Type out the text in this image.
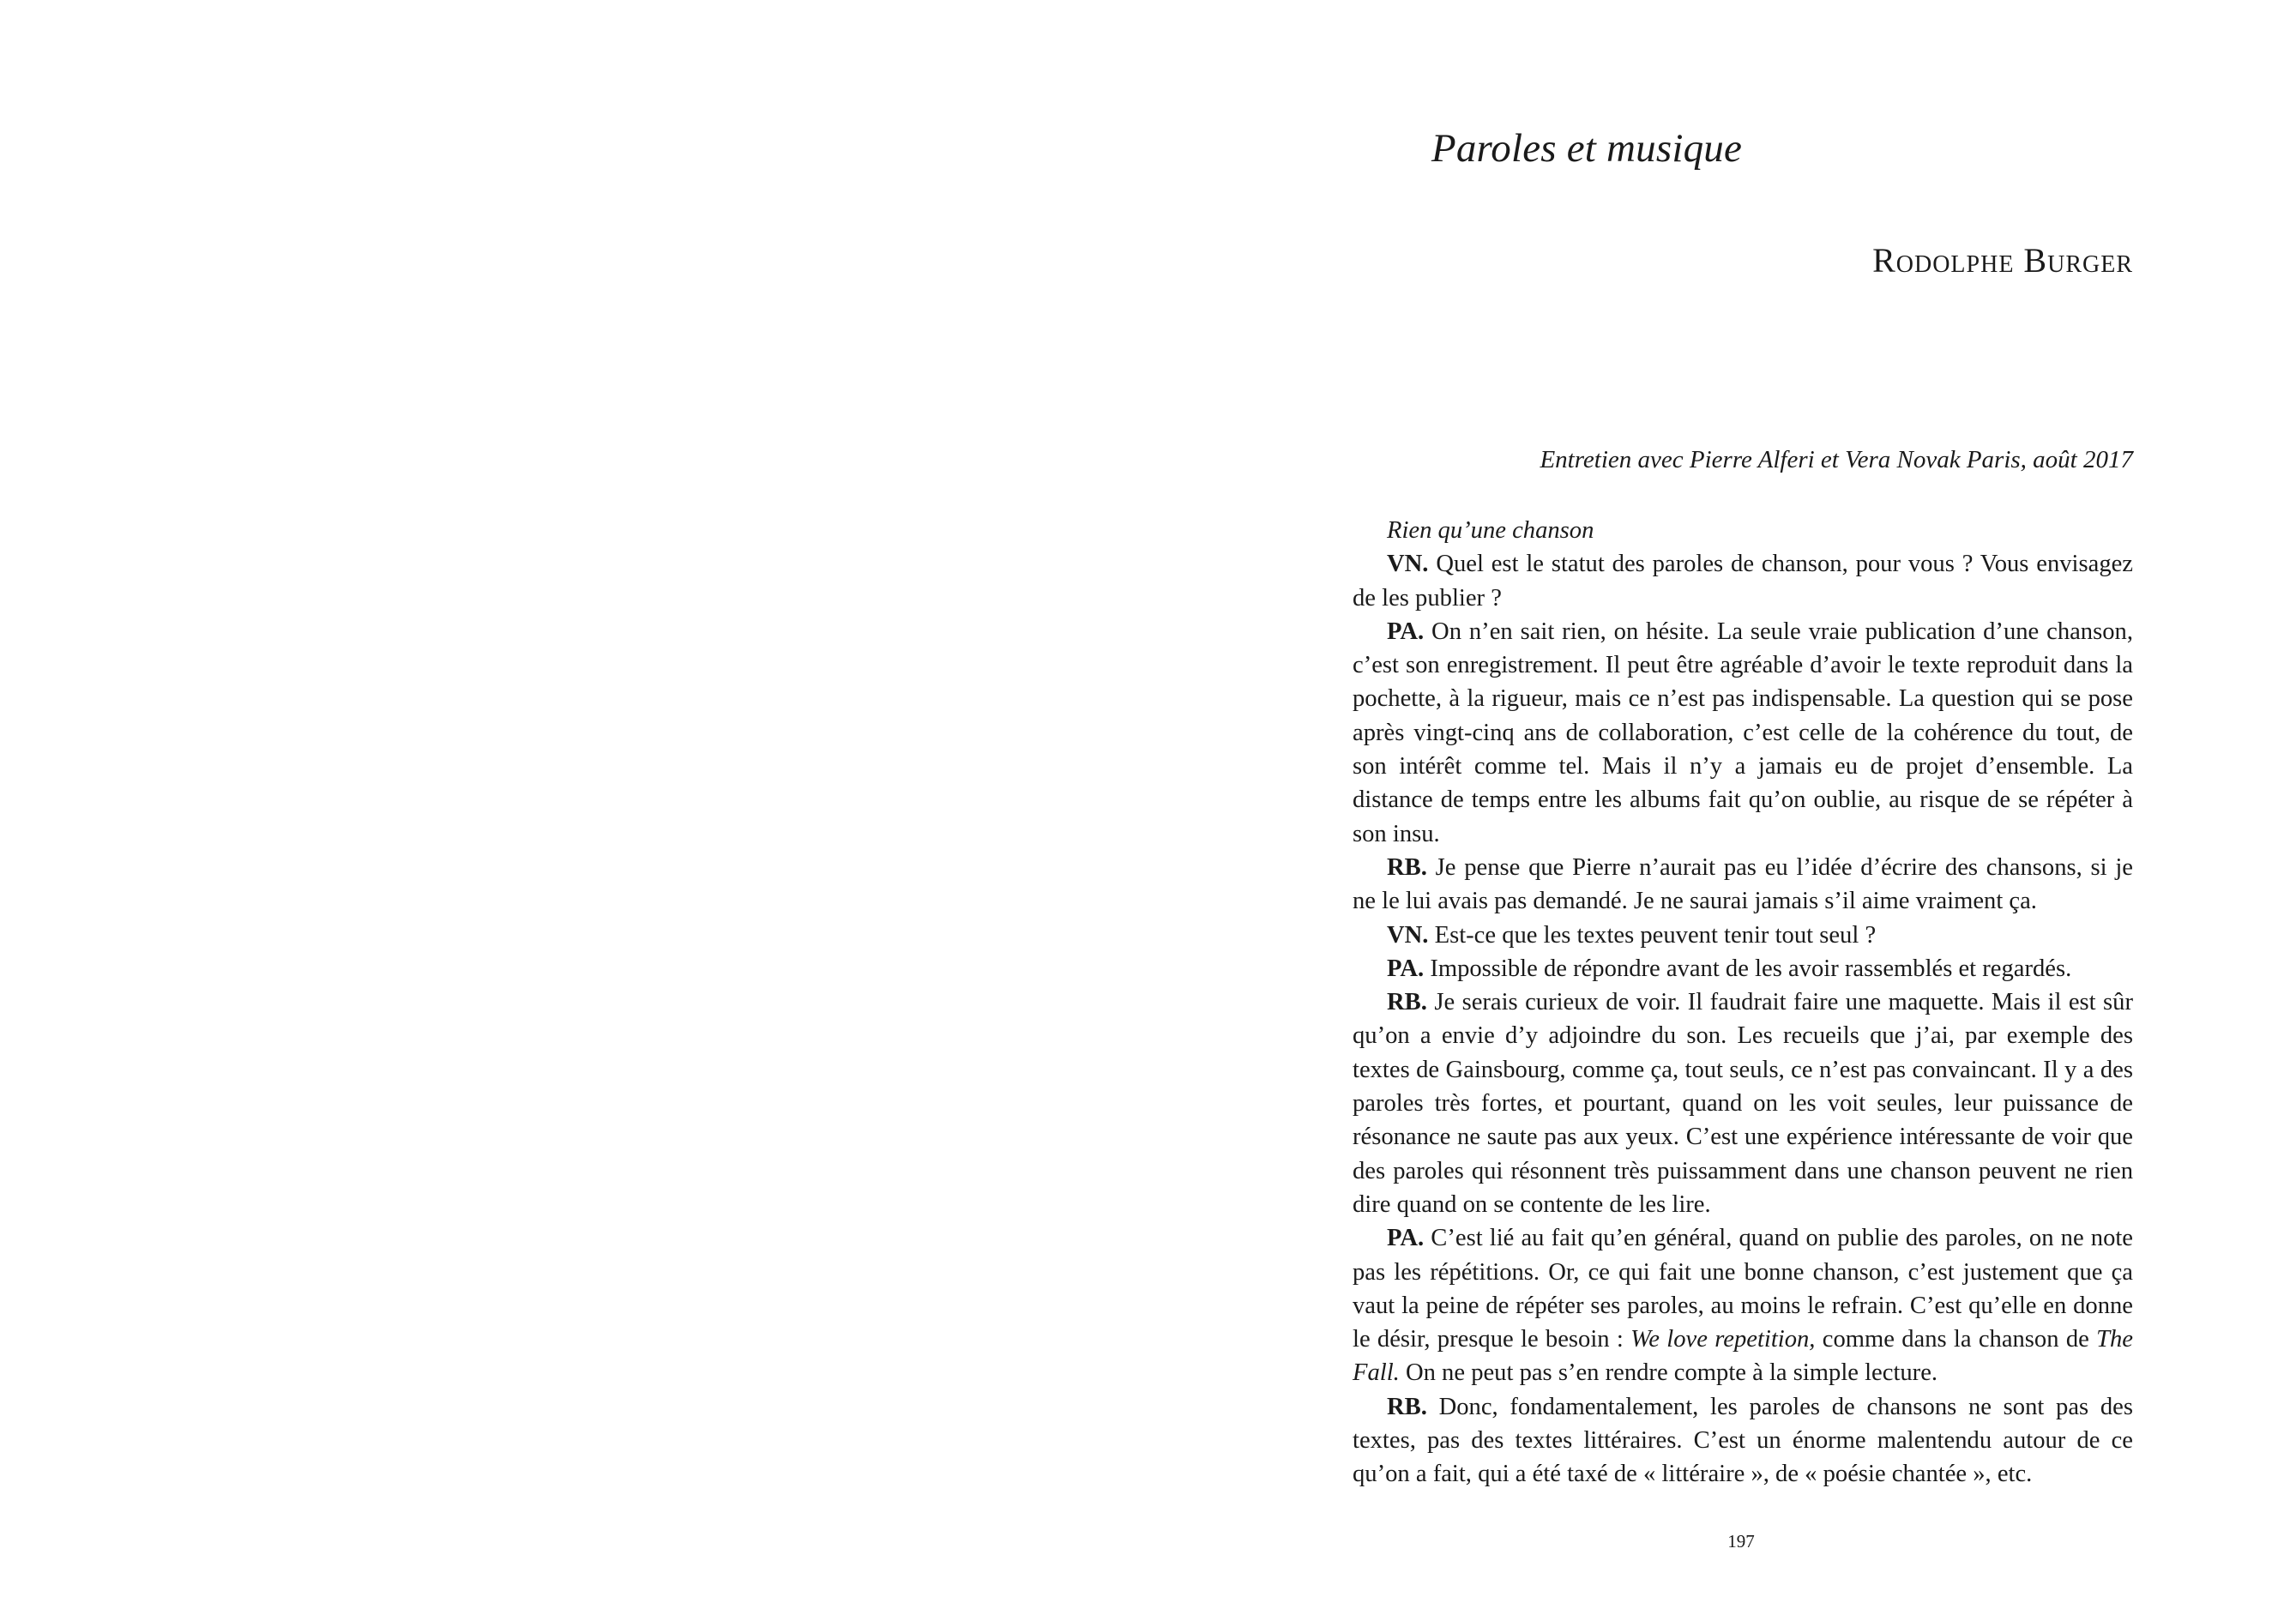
Paroles et musique

Rodolphe Burger

Entretien avec Pierre Alferi et Vera Novak Paris, août 2017

Rien qu’une chanson

VN. Quel est le statut des paroles de chanson, pour vous ? Vous envisagez de les publier ?

PA. On n’en sait rien, on hésite. La seule vraie publication d’une chanson, c’est son enregistrement. Il peut être agréable d’avoir le texte reproduit dans la pochette, à la rigueur, mais ce n’est pas indispensable. La question qui se pose après vingt-cinq ans de collaboration, c’est celle de la cohérence du tout, de son intérêt comme tel. Mais il n’y a jamais eu de projet d’ensemble. La distance de temps entre les albums fait qu’on oublie, au risque de se répéter à son insu.

RB. Je pense que Pierre n’aurait pas eu l’idée d’écrire des chansons, si je ne le lui avais pas demandé. Je ne saurai jamais s’il aime vraiment ça.

VN. Est-ce que les textes peuvent tenir tout seul ?

PA. Impossible de répondre avant de les avoir rassemblés et regardés.

RB. Je serais curieux de voir. Il faudrait faire une maquette. Mais il est sûr qu’on a envie d’y adjoindre du son. Les recueils que j’ai, par exemple des textes de Gainsbourg, comme ça, tout seuls, ce n’est pas convaincant. Il y a des paroles très fortes, et pourtant, quand on les voit seules, leur puissance de résonance ne saute pas aux yeux. C’est une expérience intéressante de voir que des paroles qui résonnent très puissamment dans une chanson peuvent ne rien dire quand on se contente de les lire.

PA. C’est lié au fait qu’en général, quand on publie des paroles, on ne note pas les répétitions. Or, ce qui fait une bonne chanson, c’est justement que ça vaut la peine de répéter ses paroles, au moins le refrain. C’est qu’elle en donne le désir, presque le besoin : We love repetition, comme dans la chanson de The Fall. On ne peut pas s’en rendre compte à la simple lecture.

RB. Donc, fondamentalement, les paroles de chansons ne sont pas des textes, pas des textes littéraires. C’est un énorme malentendu autour de ce qu’on a fait, qui a été taxé de « littéraire », de « poésie chantée », etc.

197
